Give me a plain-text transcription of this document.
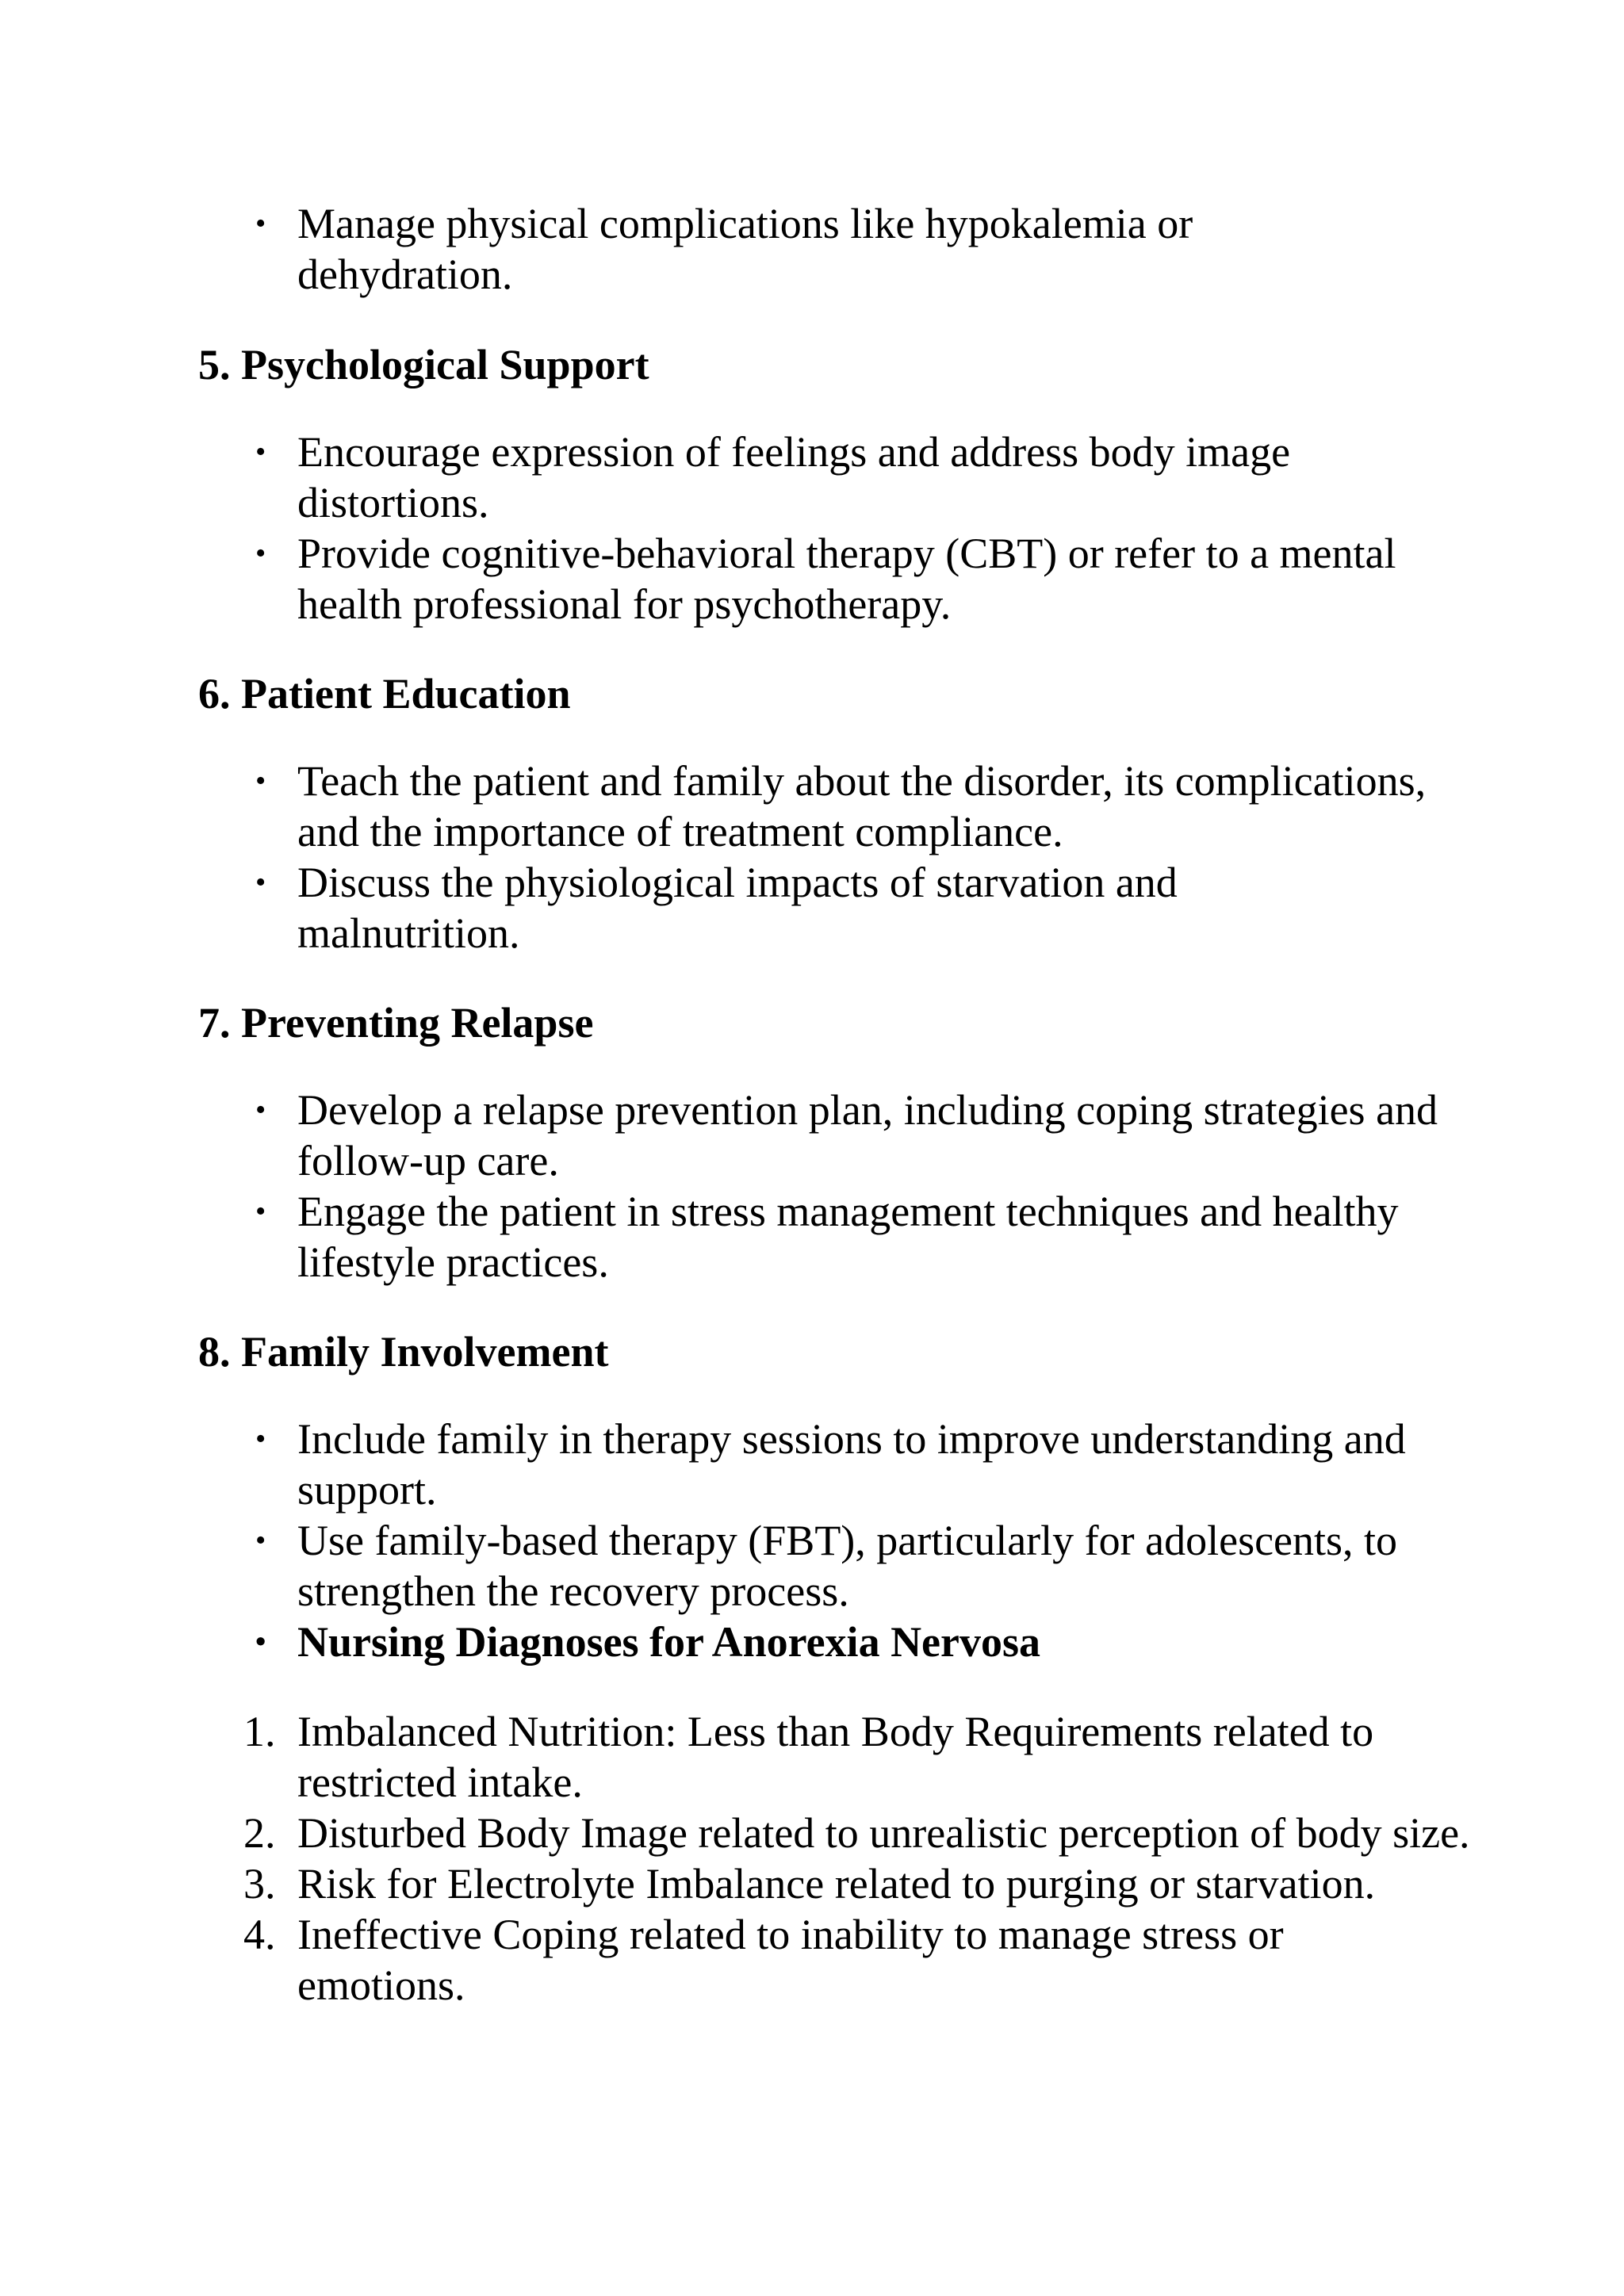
• Manage physical complications like hypokalemia or dehydration.
5. Psychological Support
• Encourage expression of feelings and address body image distortions.
• Provide cognitive-behavioral therapy (CBT) or refer to a mental health professional for psychotherapy.
6. Patient Education
• Teach the patient and family about the disorder, its complications, and the importance of treatment compliance.
• Discuss the physiological impacts of starvation and malnutrition.
7. Preventing Relapse
• Develop a relapse prevention plan, including coping strategies and follow-up care.
• Engage the patient in stress management techniques and healthy lifestyle practices.
8. Family Involvement
• Include family in therapy sessions to improve understanding and support.
• Use family-based therapy (FBT), particularly for adolescents, to strengthen the recovery process.
• Nursing Diagnoses for Anorexia Nervosa
1. Imbalanced Nutrition: Less than Body Requirements related to restricted intake.
2. Disturbed Body Image related to unrealistic perception of body size.
3. Risk for Electrolyte Imbalance related to purging or starvation.
4. Ineffective Coping related to inability to manage stress or emotions.
